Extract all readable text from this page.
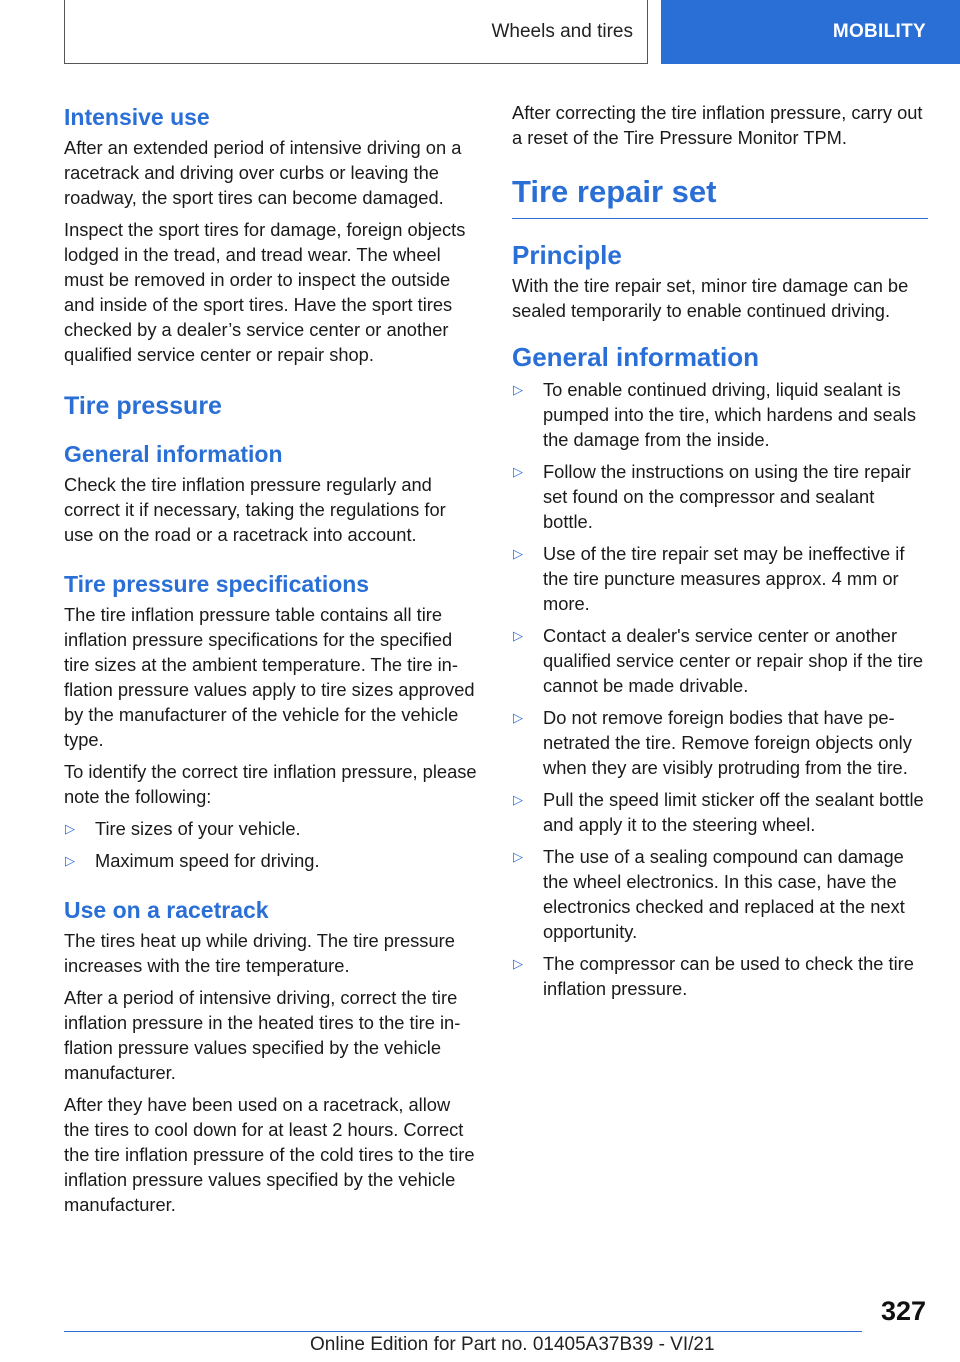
Wheels and tires	MOBILITY
Intensive use

After an extended period of intensive driving on a racetrack and driving over curbs or leaving the roadway, the sport tires can become damaged.

Inspect the sport tires for damage, foreign objects lodged in the tread, and tread wear. The wheel must be removed in order to inspect the outside and inside of the sport tires. Have the sport tires checked by a dealer’s service center or another qualified service center or repair shop.

Tire pressure
General information

Check the tire inflation pressure regularly and correct it if necessary, taking the regulations for use on the road or a racetrack into account.

Tire pressure specifications

The tire inflation pressure table contains all tire inflation pressure specifications for the specified tire sizes at the ambient temperature. The tire inflation pressure values apply to tire sizes approved by the manufacturer of the vehicle for the vehicle type.

To identify the correct tire inflation pressure, please note the following:

▷	Tire sizes of your vehicle.
▷	Maximum speed for driving.
Use on a racetrack

The tires heat up while driving. The tire pressure increases with the tire temperature.

After a period of intensive driving, correct the tire inflation pressure in the heated tires to the tire inflation pressure values specified by the vehicle manufacturer.

After they have been used on a racetrack, allow the tires to cool down for at least 2 hours. Correct the tire inflation pressure of the cold tires to the tire inflation pressure values specified by the vehicle manufacturer.

After correcting the tire inflation pressure, carry out a reset of the Tire Pressure Monitor TPM.

Tire repair set
Principle

With the tire repair set, minor tire damage can be sealed temporarily to enable continued driving.

General information
▷	To enable continued driving, liquid sealant is pumped into the tire, which hardens and seals the damage from the inside.
▷	Follow the instructions on using the tire repair set found on the compressor and sealant bottle.
▷	Use of the tire repair set may be ineffective if the tire puncture measures approx. 4 mm or more.
▷	Contact a dealer's service center or another qualified service center or repair shop if the tire cannot be made drivable.
▷	Do not remove foreign bodies that have penetrated the tire. Remove foreign objects only when they are visibly protruding from the tire.
▷	Pull the speed limit sticker off the sealant bottle and apply it to the steering wheel.
▷	The use of a sealing compound can damage the wheel electronics. In this case, have the electronics checked and replaced at the next opportunity.
▷	The compressor can be used to check the tire inflation pressure.
327
Online Edition for Part no. 01405A37B39 - VI/21
